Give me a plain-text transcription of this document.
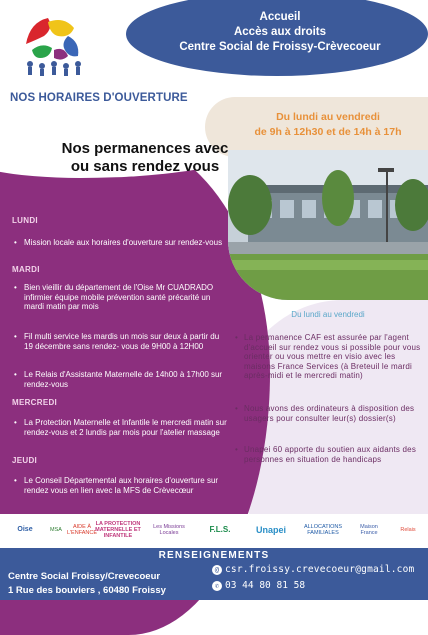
Accueil
Accès aux droits
Centre Social de Froissy-Crèvecoeur
NOS HORAIRES D'OUVERTURE
Du lundi au vendredi
de 9h à 12h30 et de 14h à 17h
Nos permanences avec ou sans rendez vous
LUNDI
• Mission locale aux horaires d'ouverture sur rendez-vous
MARDI
• Bien vieillir du département de l'Oise Mr CUADRADO infirmier équipe mobile prévention santé précarité un mardi matin par mois
• Fil multi service les mardis un mois sur deux à partir du 19 décembre sans rendez- vous de 9H00 à 12H00
• Le Relais d'Assistante Maternelle de 14h00 à 17h00 sur rendez-vous
MERCREDI
• La Protection Maternelle et Infantile le mercredi matin sur rendez-vous et 2 lundis par mois pour l'atelier massage
JEUDI
• Le Conseil Départemental aux horaires d'ouverture sur rendez vous en lien avec la MFS de Crèvecœur
Du lundi au vendredi
• La permanence CAF est assurée par l'agent d'accueil sur rendez vous si possible pour vous orienter ou vous mettre en visio avec les maisons France Services (à Breteuil le mardi après-midi et le mercredi matin)
• Nous avons des ordinateurs à disposition des usagers pour consulter leur(s) dossier(s)
• Unapei 60 apporte du soutien aux aidants des personnes en situation de handicaps
Oise	MSA	AIDE À L'ENFANCE
LA PROTECTION MATERNELLE ET INFANTILE
Les Missions Locales	F.L.S.	Unapei	ALLOCATIONS FAMILIALES
Maison France	Relais
RENSEIGNEMENTS
Centre Social Froissy/Crevecoeur
1 Rue des bouviers , 60480 Froissy
@ csr.froissy.crevecoeur@gmail.com
✆ 03 44 80 81 58
